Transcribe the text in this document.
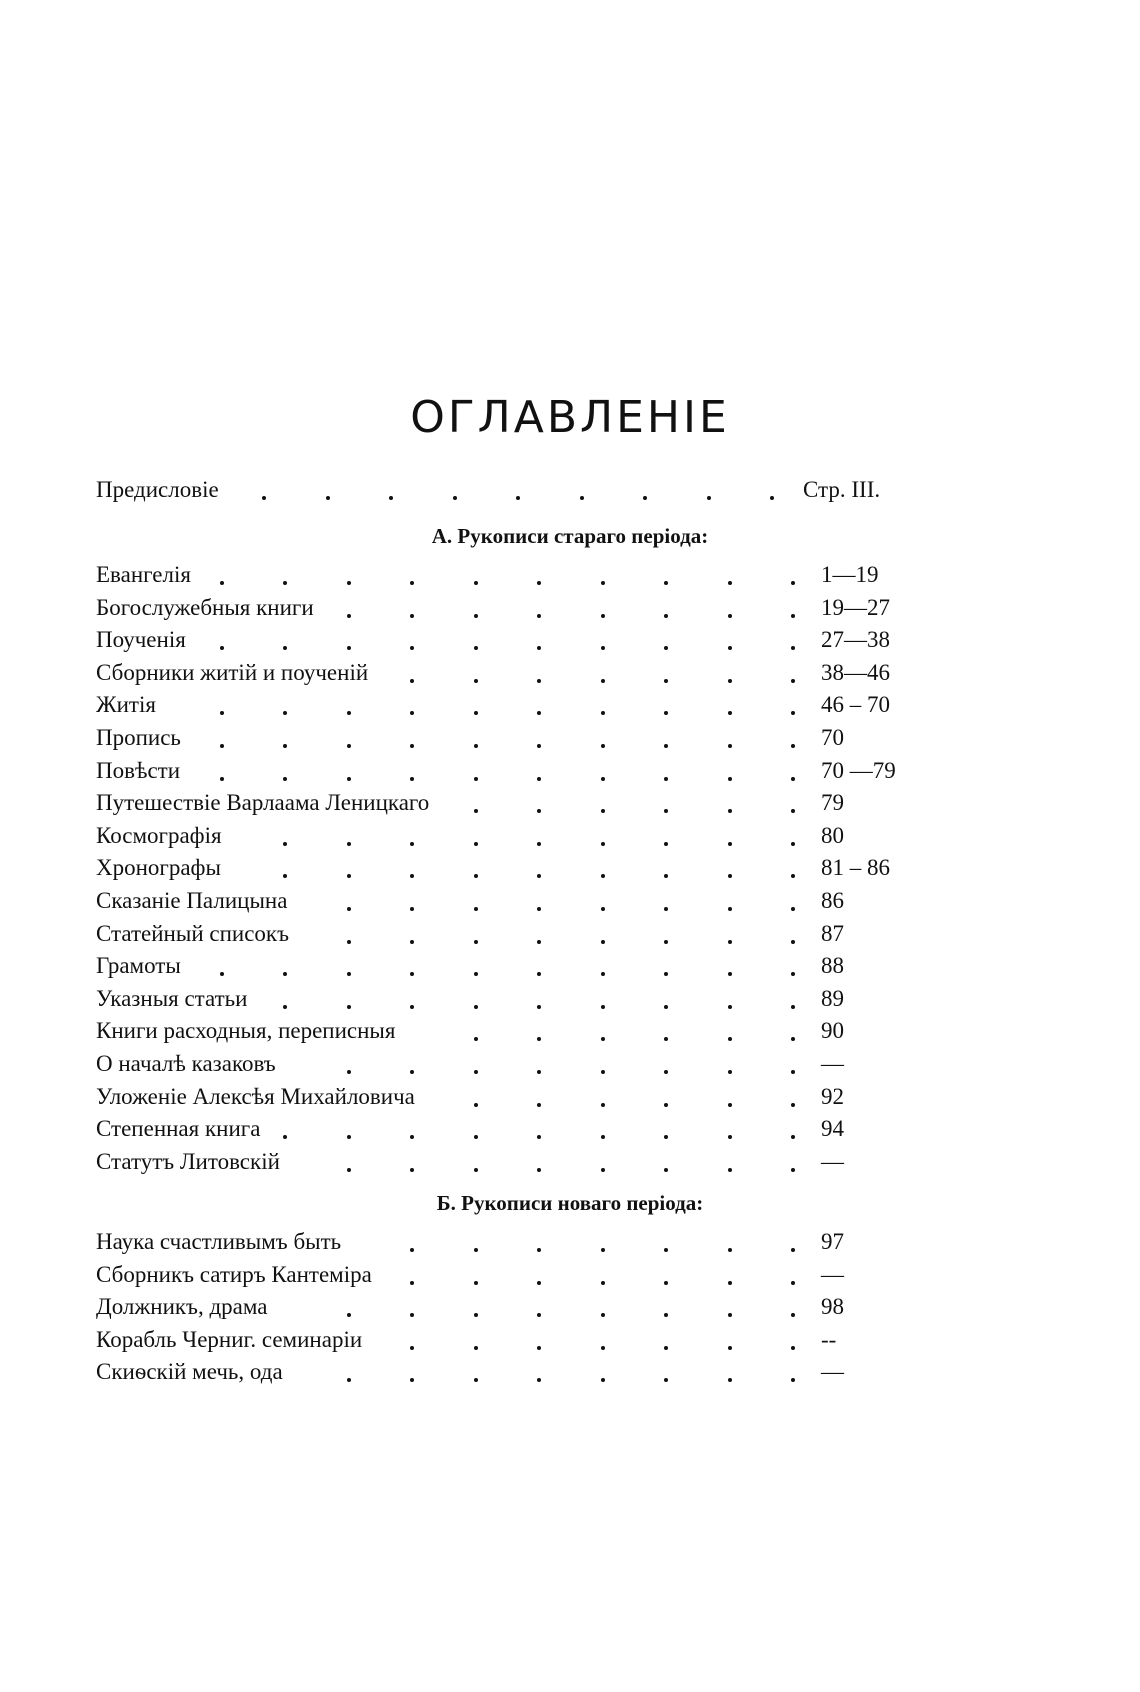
ОГЛАВЛЕНІЕ
Предисловіе	Стр. III.
А. Рукописи стараго періода:
Евангелія	1—19
Богослужебныя книги	19—27
Поученія	27—38
Сборники житій и поученій	38—46
Житія	46 – 70
Пропись	70
Повѣсти	70 —79
Путешествіе Варлаама Леницкаго	79
Космографія	80
Хронографы	81 – 86
Сказаніе Палицына	86
Статейный списокъ	87
Грамоты	88
Указныя статьи	89
Книги расходныя, переписныя	90
О началѣ казаковъ	—
Уложеніе Алексѣя Михайловича	92
Степенная книга	94
Статутъ Литовскій	—
Б. Рукописи новаго періода:
Наука счастливымъ быть	97
Сборникъ сатиръ Кантеміра	—
Должникъ, драма	98
Корабль Черниг. семинаріи	--
Скиѳскій мечь, ода	—
